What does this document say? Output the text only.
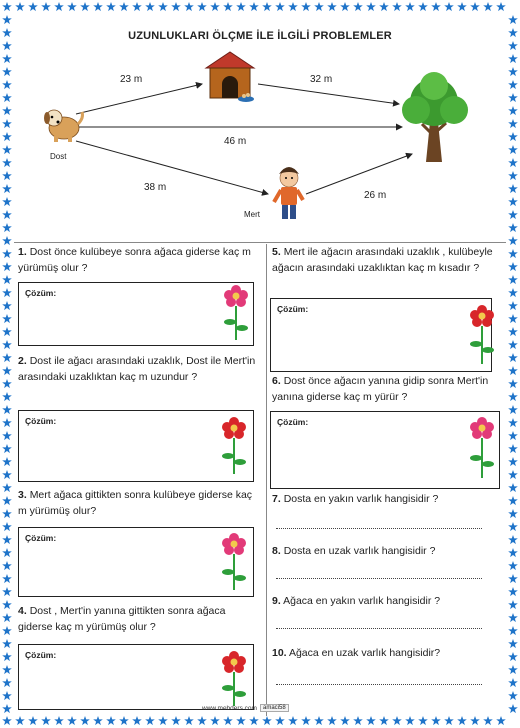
UZUNLUKLARI ÖLÇME İLE İLGİLİ PROBLEMLER
23 m	32 m
46 m
38 m
26 m
Dost
Mert
1. Dost önce kulübeye sonra ağaca giderse kaç m yürümüş olur ?
Çözüm:
2. Dost ile ağacı arasındaki uzaklık, Dost ile Mert'in arasındaki uzaklıktan kaç m uzundur ?
Çözüm:
3. Mert ağaca gittikten sonra kulübeye giderse kaç m yürümüş olur?
Çözüm:
4. Dost , Mert'in yanına gittikten sonra ağaca giderse kaç m yürümüş olur ?
Çözüm:
5. Mert ile ağacın arasındaki uzaklık , kulübeyle ağacın arasındaki uzaklıktan kaç m kısadır ?
Çözüm:
6. Dost önce ağacın yanına gidip sonra Mert'in yanına giderse kaç m yürür ?
Çözüm:
7. Dosta en yakın varlık hangisidir ?
8. Dosta en uzak varlık hangisidir ?
9. Ağaca en yakın varlık hangisidir ?
10. Ağaca en uzak varlık hangisidir?
www.mebders.com	amaci58
